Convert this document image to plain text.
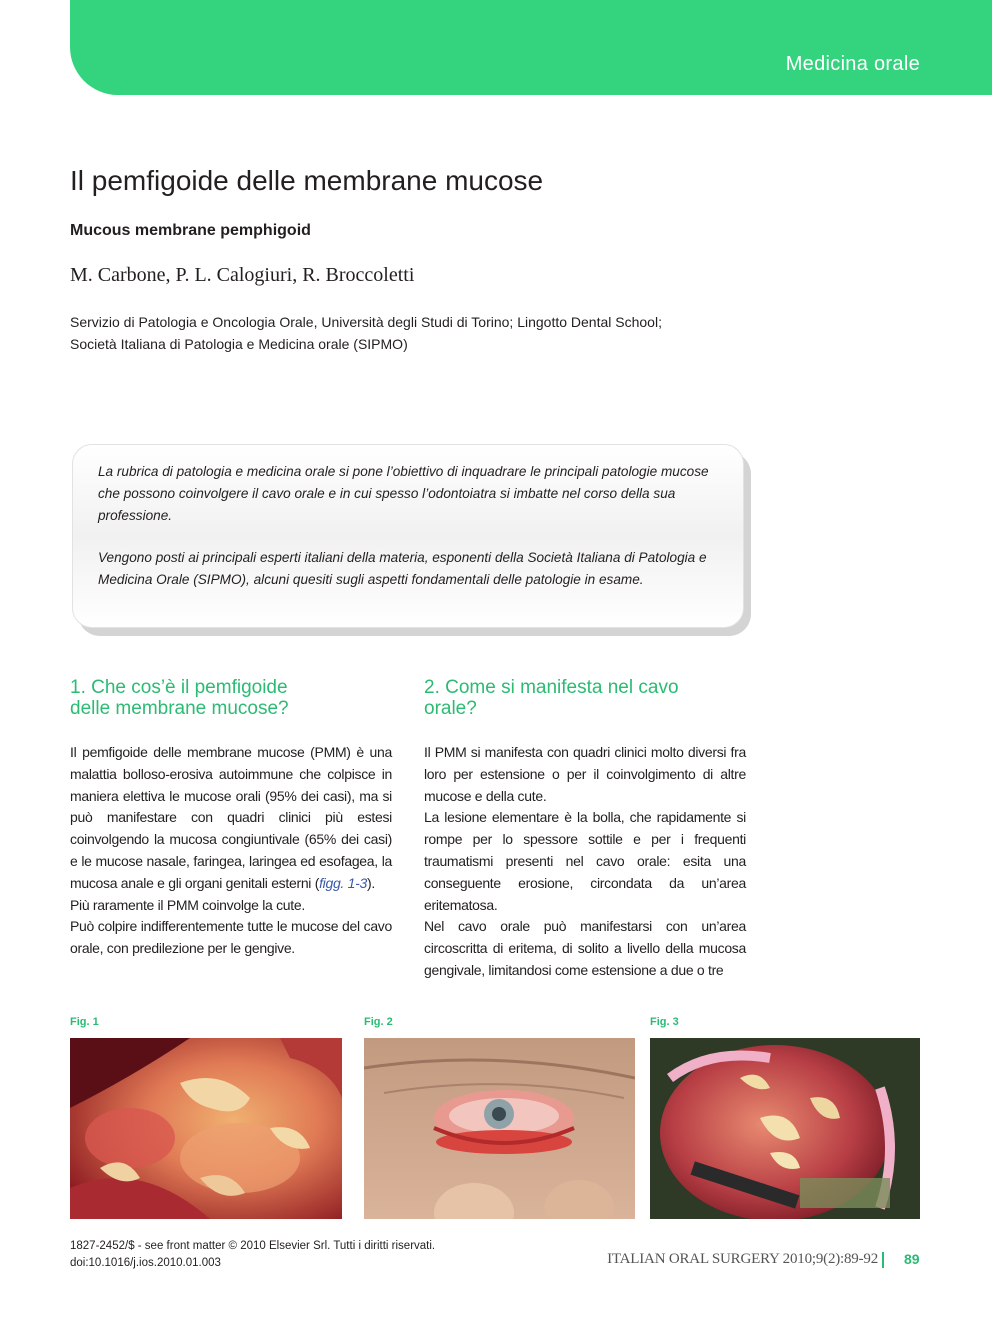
Medicina orale
Il pemfigoide delle membrane mucose
Mucous membrane pemphigoid
M. Carbone, P. L. Calogiuri, R. Broccoletti
Servizio di Patologia e Oncologia Orale, Università degli Studi di Torino; Lingotto Dental School;
Società Italiana di Patologia e Medicina orale (SIPMO)
La rubrica di patologia e medicina orale si pone l’obiettivo di inquadrare le principali patologie mucose che possono coinvolgere il cavo orale e in cui spesso l’odontoiatra si imbatte nel corso della sua professione.
Vengono posti ai principali esperti italiani della materia, esponenti della Società Italiana di Patologia e Medicina Orale (SIPMO), alcuni quesiti sugli aspetti fondamentali delle patologie in esame.
1. Che cos’è il pemfigoide
delle membrane mucose?
2. Come si manifesta nel cavo
orale?

Il pemfigoide delle membrane mucose (PMM) è una malattia bolloso-erosiva autoimmune che colpisce in maniera elettiva le mucose orali (95% dei casi), ma si può manifestare con quadri clinici più estesi coinvolgendo la mucosa congiuntivale (65% dei casi) e le mucose nasale, faringea, laringea ed esofagea, la mucosa anale e gli organi genitali esterni (figg. 1-3).

Più raramente il PMM coinvolge la cute.

Può colpire indifferentemente tutte le mucose del cavo orale, con predilezione per le gengive.

Il PMM si manifesta con quadri clinici molto diversi fra loro per estensione o per il coinvolgimento di altre mucose e della cute.

La lesione elementare è la bolla, che rapidamente si rompe per lo spessore sottile e per i frequenti traumatismi presenti nel cavo orale: esita una conseguente erosione, circondata da un’area eritematosa.

Nel cavo orale può manifestarsi con un’area circoscritta di eritema, di solito a livello della mucosa gengivale, limitandosi come estensione a due o tre

Fig. 1	Fig. 2	Fig. 3
1827-2452/$ - see front matter © 2010 Elsevier Srl. Tutti i diritti riservati.
doi:10.1016/j.ios.2010.01.003	ITALIAN ORAL SURGERY 2010;9(2):89-92 89
